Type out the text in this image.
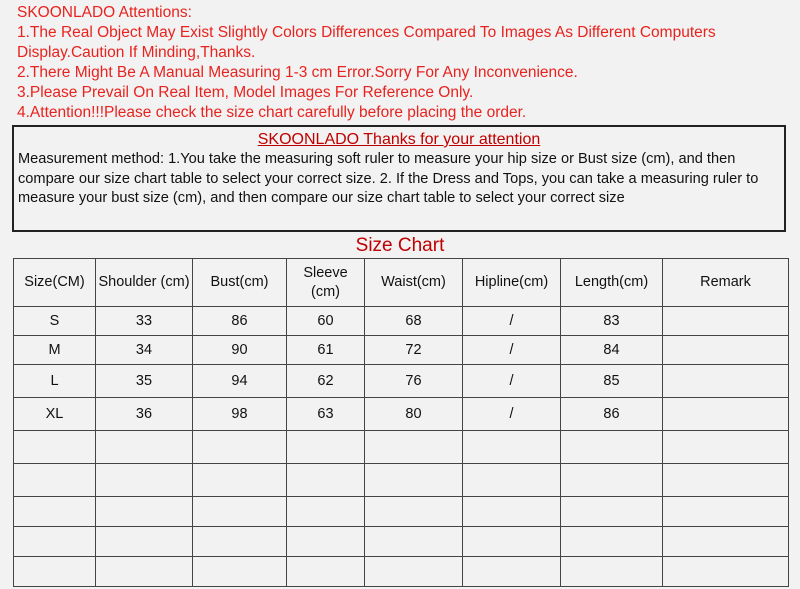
SKOONLADO Attentions:
1.The Real Object May Exist Slightly Colors Differences Compared To Images As Different Computers
Display.Caution If Minding,Thanks.
2.There Might Be A Manual Measuring 1-3 cm Error.Sorry For Any Inconvenience.
3.Please Prevail On Real Item, Model Images For Reference Only.
4.Attention!!!Please check the size chart carefully before placing the order.
SKOONLADO Thanks for your attention
Measurement method: 1.You take the measuring soft ruler to measure your hip size or Bust size (cm), and then compare our size chart table to select your correct size. 2. If the Dress and Tops, you can take a measuring ruler to measure your bust size (cm), and then compare our size chart table to select your correct size
Size Chart
Size(CM)	Shoulder (cm)	Bust(cm)	Sleeve (cm)	Waist(cm)	Hipline(cm)	Length(cm)	Remark
S	33	86	60	68	/	83	
M	34	90	61	72	/	84	
L	35	94	62	76	/	85	
XL	36	98	63	80	/	86	
